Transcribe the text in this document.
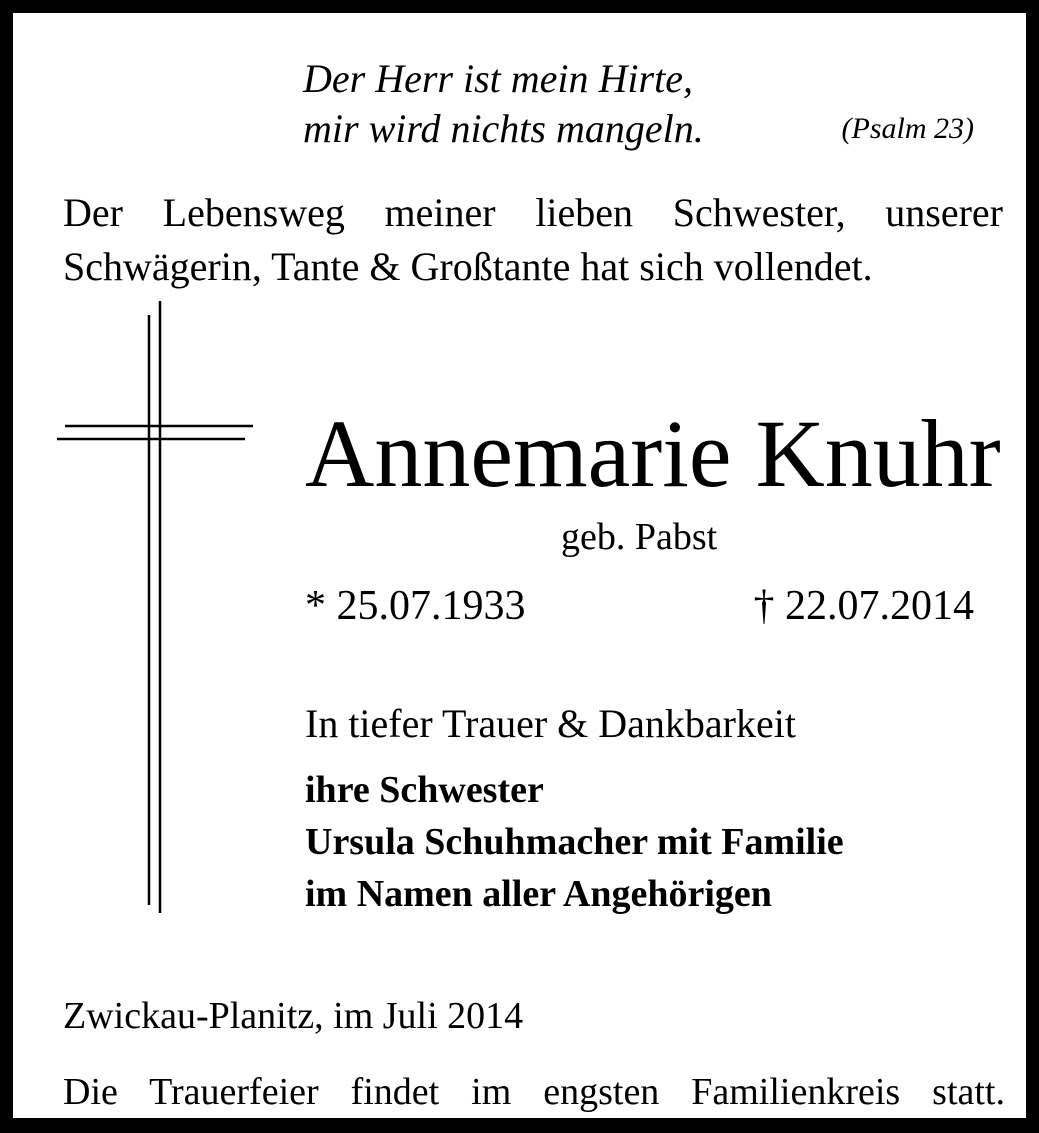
Der Herr ist mein Hirte,
mir wird nichts mangeln.	(Psalm 23)
Der Lebensweg meiner lieben Schwester, unserer
Schwägerin, Tante & Großtante hat sich vollendet.
Annemarie Knuhr
geb. Pabst
* 25.07.1933	† 22.07.2014
In tiefer Trauer & Dankbarkeit
ihre Schwester
Ursula Schuhmacher mit Familie
im Namen aller Angehörigen
Zwickau-Planitz, im Juli 2014
Die Trauerfeier findet im engsten Familienkreis statt.
